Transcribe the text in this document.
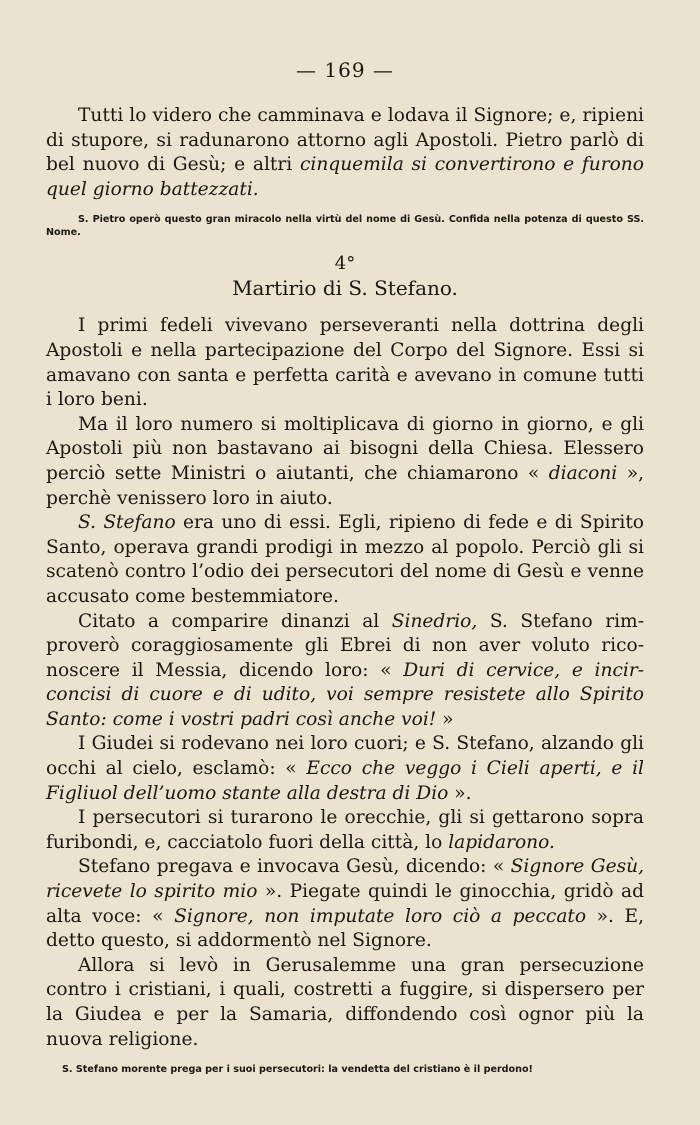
— 169 —

Tutti lo videro che camminava e lodava il Signore; e, ripieni di stupore, si radunarono attorno agli Apostoli. Pietro parlò di bel nuovo di Gesù; e altri cinquemila si convertirono e furono quel giorno battezzati.

S. Pietro operò questo gran miracolo nella virtù del nome di Gesù. Confida nella potenza di questo SS. Nome.
4°
Martirio di S. Stefano.

I primi fedeli vivevano perseveranti nella dottrina degli Apostoli e nella partecipazione del Corpo del Signore. Essi si amavano con santa e perfetta carità e avevano in comune tutti i loro beni.

Ma il loro numero si moltiplicava di giorno in giorno, e gli Apostoli più non bastavano ai bisogni della Chiesa. Elessero perciò sette Ministri o aiutanti, che chiamarono « diaconi », perchè venissero loro in aiuto.

S. Stefano era uno di essi. Egli, ripieno di fede e di Spirito Santo, operava grandi prodigi in mezzo al popolo. Perciò gli si scatenò contro l’odio dei persecutori del nome di Gesù e venne accusato come bestemmiatore.

Citato a comparire dinanzi al Sinedrio, S. Stefano rimproverò coraggiosamente gli Ebrei di non aver voluto riconoscere il Messia, dicendo loro: « Duri di cervice, e incirconcisi di cuore e di udito, voi sempre resistete allo Spirito Santo: come i vostri padri così anche voi! »

I Giudei si rodevano nei loro cuori; e S. Stefano, alzando gli occhi al cielo, esclamò: « Ecco che veggo i Cieli aperti, e il Figliuol dell’uomo stante alla destra di Dio ».

I persecutori si turarono le orecchie, gli si gettarono sopra furibondi, e, cacciatolo fuori della città, lo lapidarono.

Stefano pregava e invocava Gesù, dicendo: « Signore Gesù, ricevete lo spirito mio ». Piegate quindi le ginocchia, gridò ad alta voce: « Signore, non imputate loro ciò a peccato ». E, detto questo, si addormentò nel Signore.

Allora si levò in Gerusalemme una gran persecuzione contro i cristiani, i quali, costretti a fuggire, si dispersero per la Giudea e per la Samaria, diffondendo così ognor più la nuova religione.

S. Stefano morente prega per i suoi persecutori: la vendetta del cristiano è il perdono!
